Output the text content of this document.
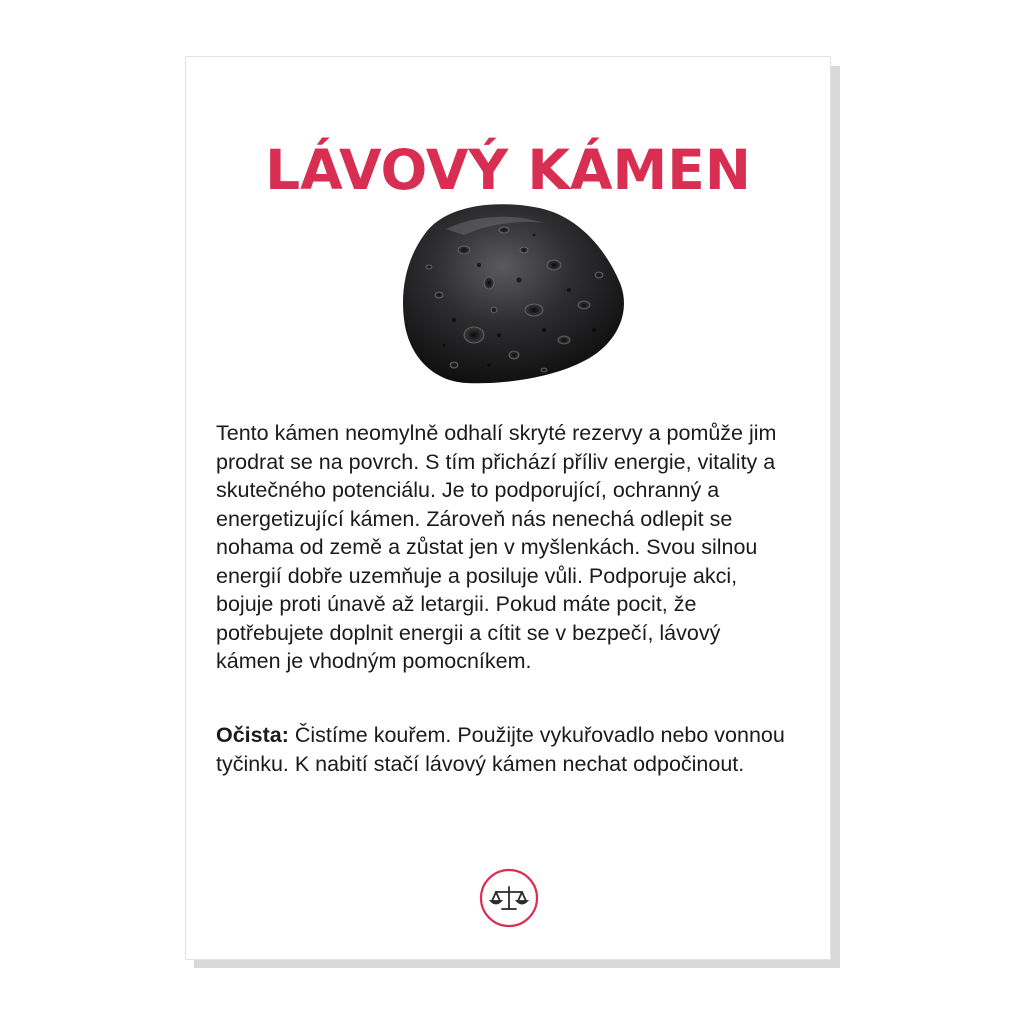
LÁVOVÝ KÁMEN

Tento kámen neomylně odhalí skryté rezervy a pomůže jim prodrat se na povrch. S tím přichází příliv energie, vitality a skutečného potenciálu. Je to podporující, ochranný a energetizující kámen. Zároveň nás nenechá odlepit se nohama od země a zůstat jen v myšlenkách. Svou silnou energií dobře uzemňuje a posiluje vůli. Podporuje akci, bojuje proti únavě až letargii. Pokud máte pocit, že potřebujete doplnit energii a cítit se v bezpečí, lávový kámen je vhodným pomocníkem.

Očista: Čistíme kouřem. Použijte vykuřovadlo nebo vonnou tyčinku. K nabití stačí lávový kámen nechat odpočinout.
